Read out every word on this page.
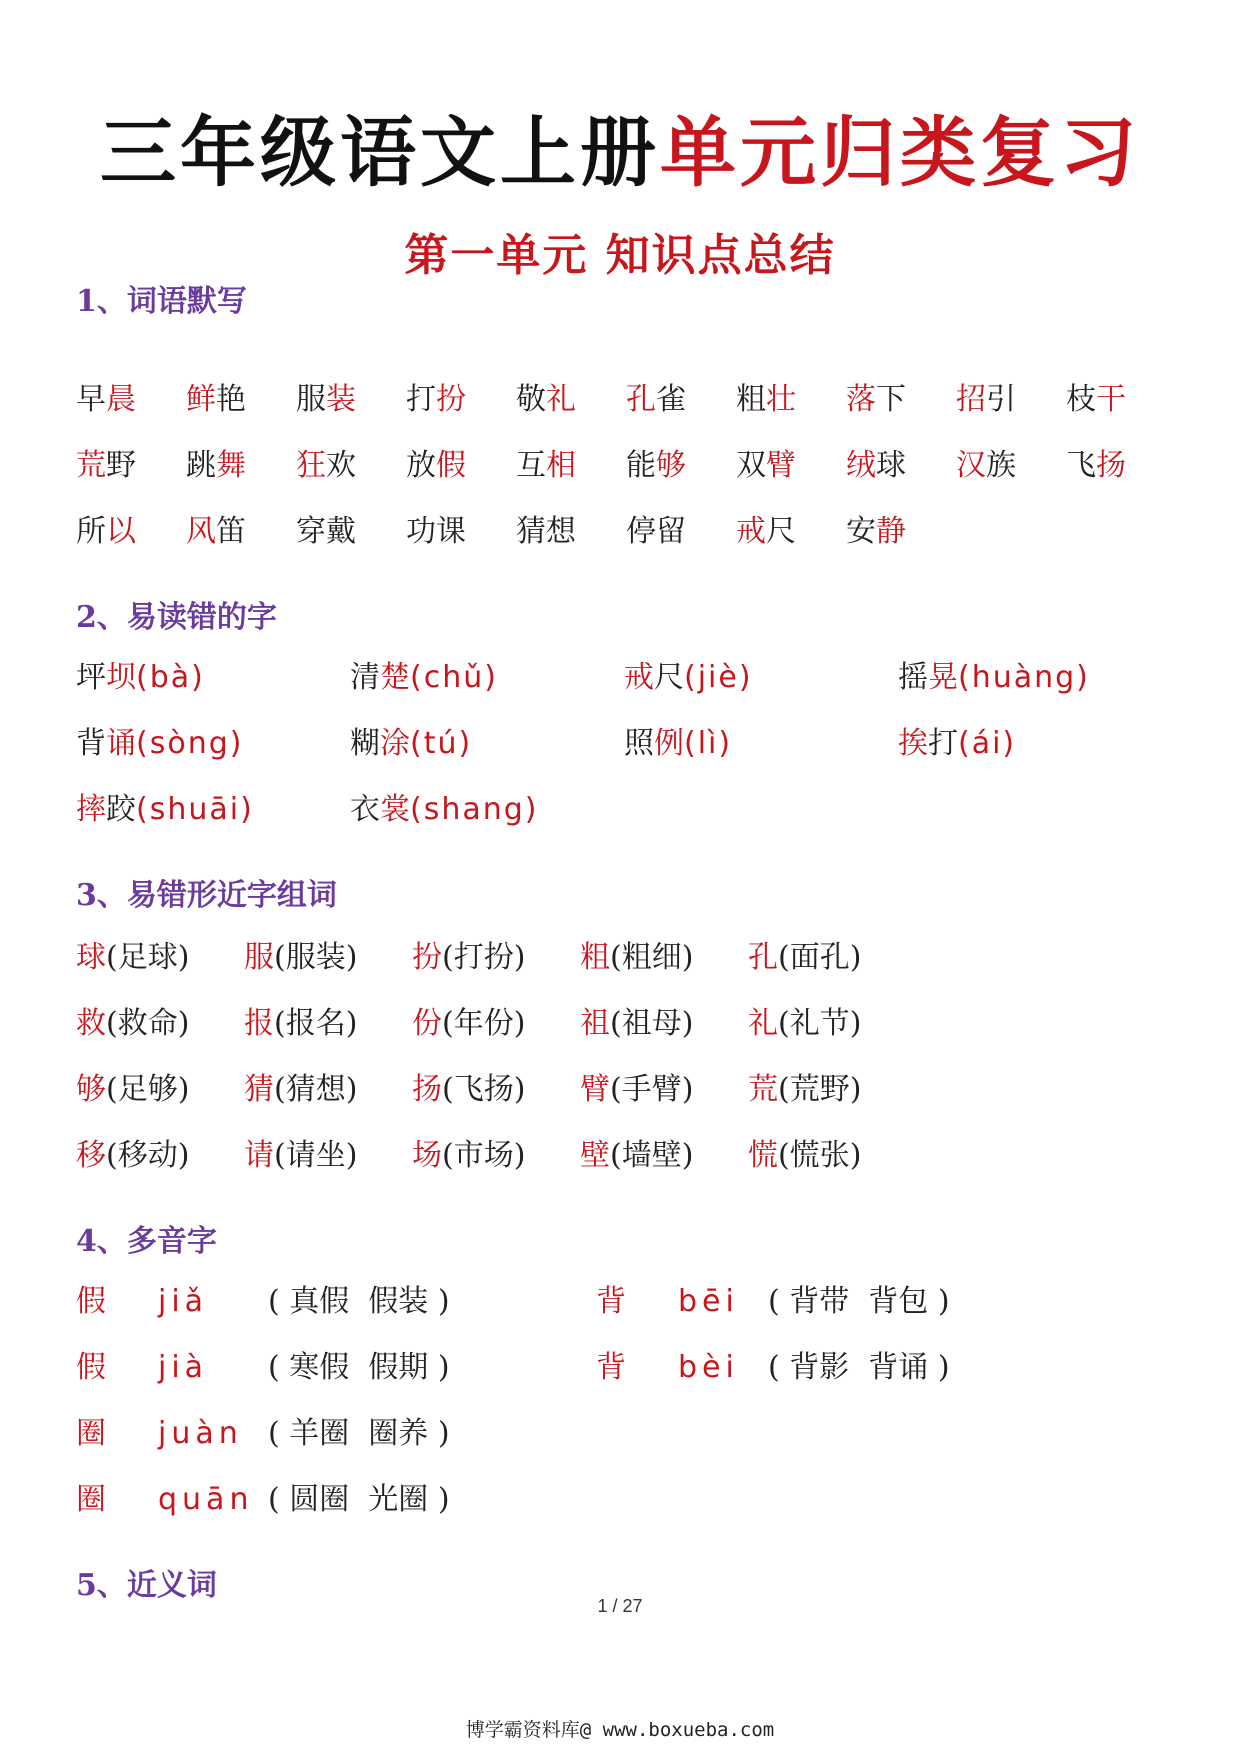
三年级语文上册单元归类复习
第一单元 知识点总结
1、词语默写
早晨 鲜艳 服装 打扮 敬礼 孔雀 粗壮 落下 招引 枝干
荒野 跳舞 狂欢 放假 互相 能够 双臂 绒球 汉族 飞扬
所以 风笛 穿戴 功课 猜想 停留 戒尺 安静
2、易读错的字
坪坝(bà)	清楚(chǔ)	戒尺(jiè)	摇晃(huàng)
背诵(sòng)	糊涂(tú)	照例(lì)	挨打(ái)
摔跤(shuāi)	衣裳(shang)
3、易错形近字组词
球(足球) 服(服装) 扮(打扮) 粗(粗细) 孔(面孔)
救(救命) 报(报名) 份(年份) 祖(祖母) 礼(礼节)
够(足够) 猜(猜想) 扬(飞扬) 臂(手臂) 荒(荒野)
移(移动) 请(请坐) 场(市场) 壁(墙壁) 慌(慌张)
4、多音字
假 jiǎ ( 真假  假装 )	背 bēi ( 背带  背包 )
假 jià ( 寒假  假期 )	背 bèi ( 背影  背诵 )
圈 juàn ( 羊圈  圈养 )
圈 quān ( 圆圈  光圈 )
5、近义词
1 / 27
博学霸资料库@ www.boxueba.com
